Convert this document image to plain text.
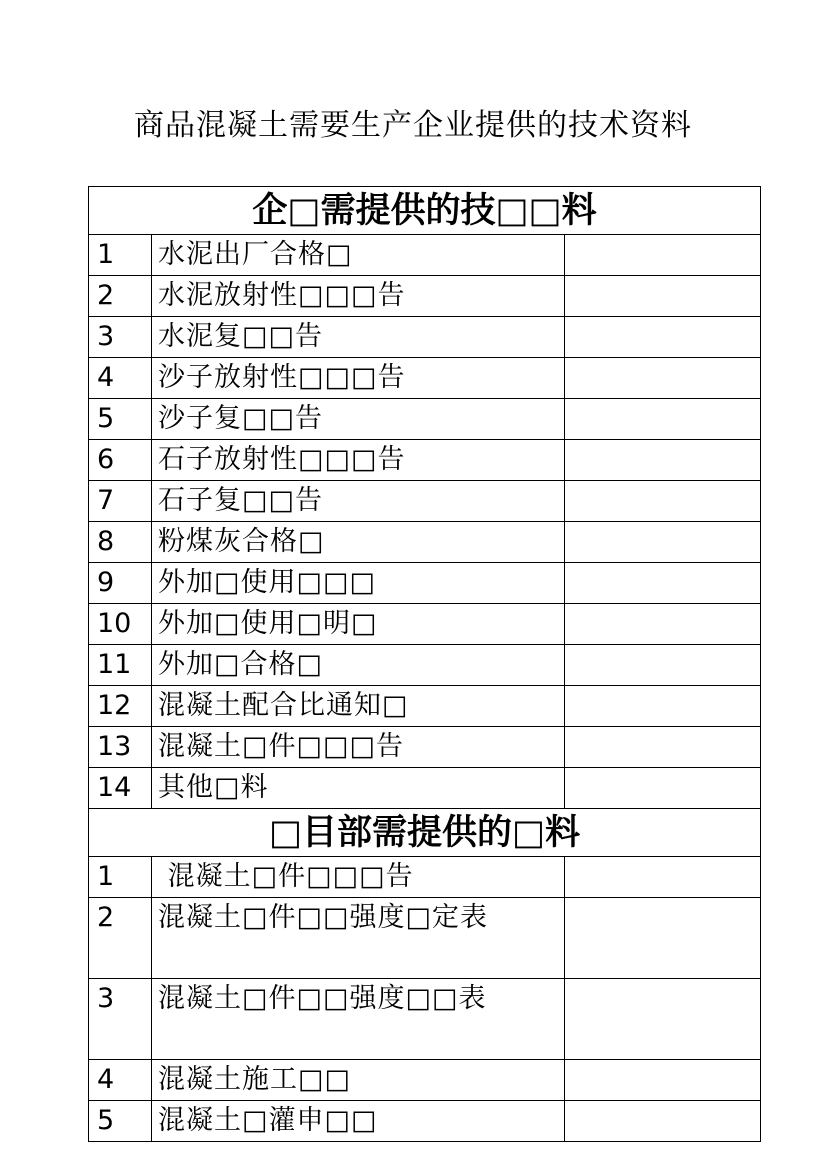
商品混凝土需要生产企业提供的技术资料
企□需提供的技□□料		
1	水泥出厂合格□	
2	水泥放射性□□□告	
3	水泥复□□告	
4	沙子放射性□□□告	
5	沙子复□□告	
6	石子放射性□□□告	
7	石子复□□告	
8	粉煤灰合格□	
9	外加□使用□□□	
10	外加□使用□明□	
11	外加□合格□	
12	混凝土配合比通知□	
13	混凝土□件□□□告	
14	其他□料	
□目部需提供的□料		
1	混凝土□件□□□告	
2	混凝土□件□□强度□定表	
3	混凝土□件□□强度□□表	
4	混凝土施工□□	
5	混凝土□灌申□□	
